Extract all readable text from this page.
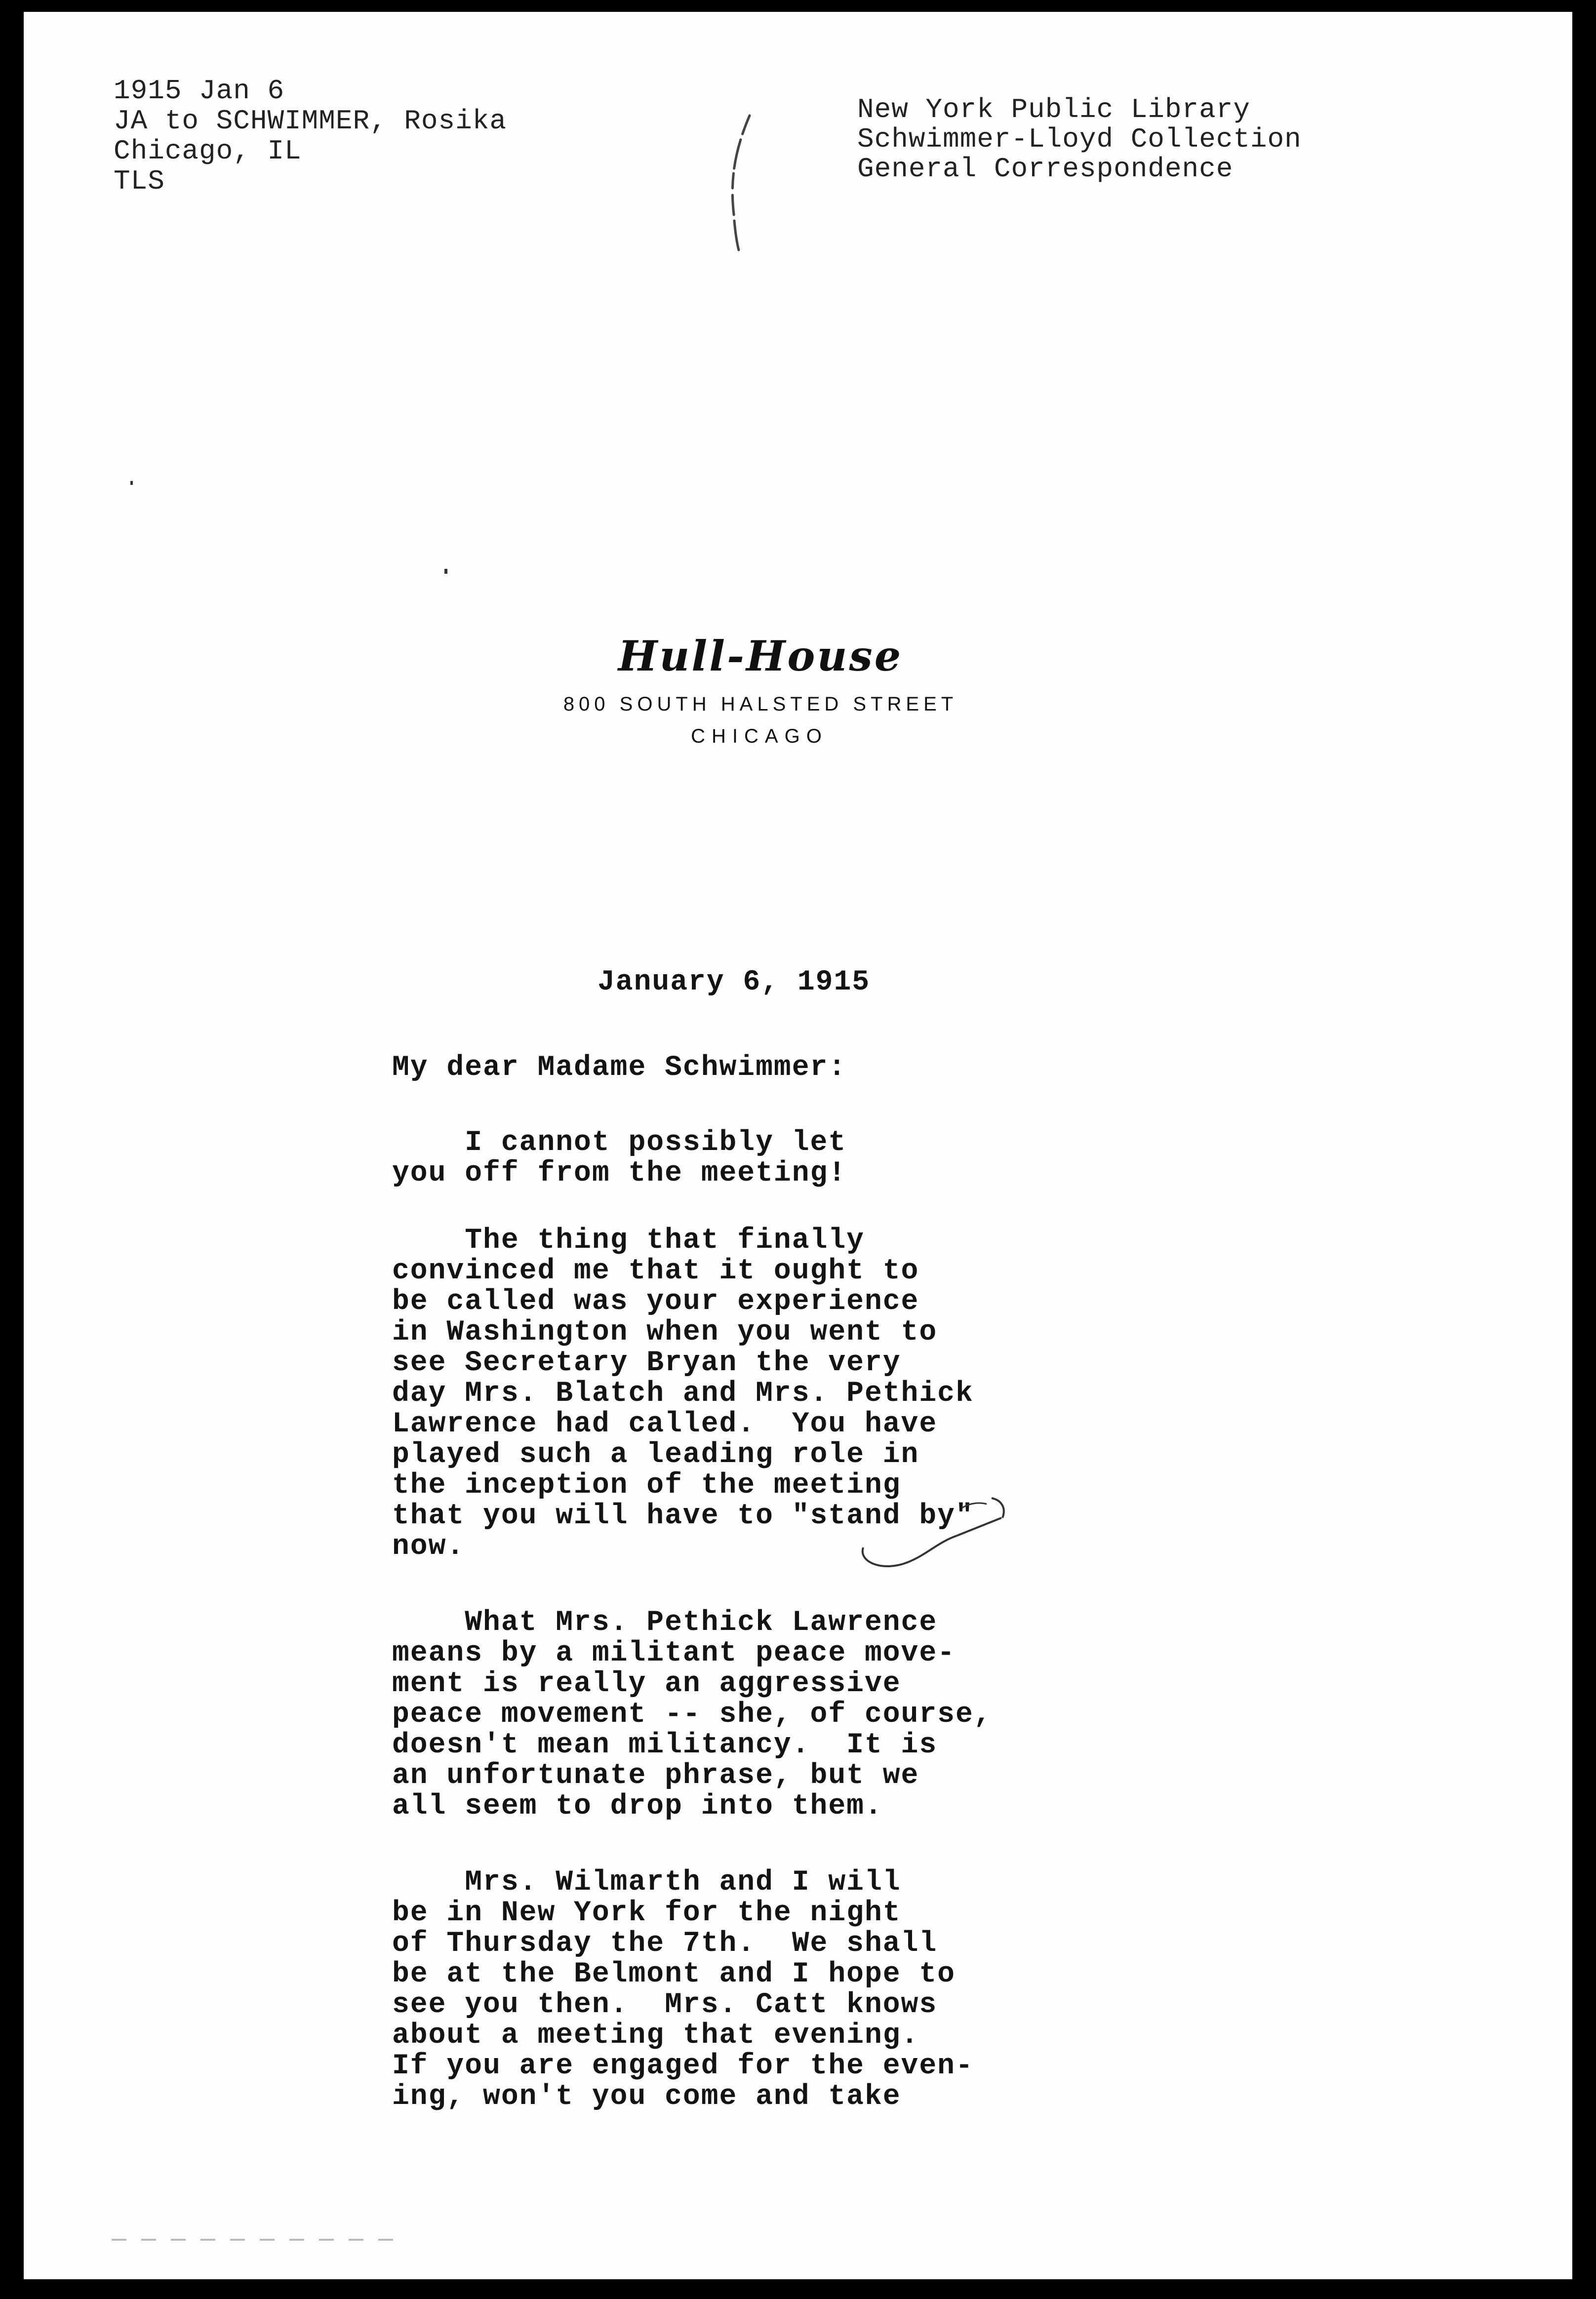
1915 Jan 6
JA to SCHWIMMER, Rosika
Chicago, IL
TLS
New York Public Library
Schwimmer-Lloyd Collection
General Correspondence
Hull-House
800 SOUTH HALSTED STREET
CHICAGO
January 6, 1915
My dear Madame Schwimmer:
I cannot possibly let
you off from the meeting!
The thing that finally
convinced me that it ought to
be called was your experience
in Washington when you went to
see Secretary Bryan the very
day Mrs. Blatch and Mrs. Pethick
Lawrence had called.  You have
played such a leading role in
the inception of the meeting
that you will have to "stand by"
now.
What Mrs. Pethick Lawrence
means by a militant peace move-
ment is really an aggressive
peace movement -- she, of course,
doesn't mean militancy.  It is
an unfortunate phrase, but we
all seem to drop into them.
Mrs. Wilmarth and I will
be in New York for the night
of Thursday the 7th.  We shall
be at the Belmont and I hope to
see you then.  Mrs. Catt knows
about a meeting that evening.
If you are engaged for the even-
ing, won't you come and take
